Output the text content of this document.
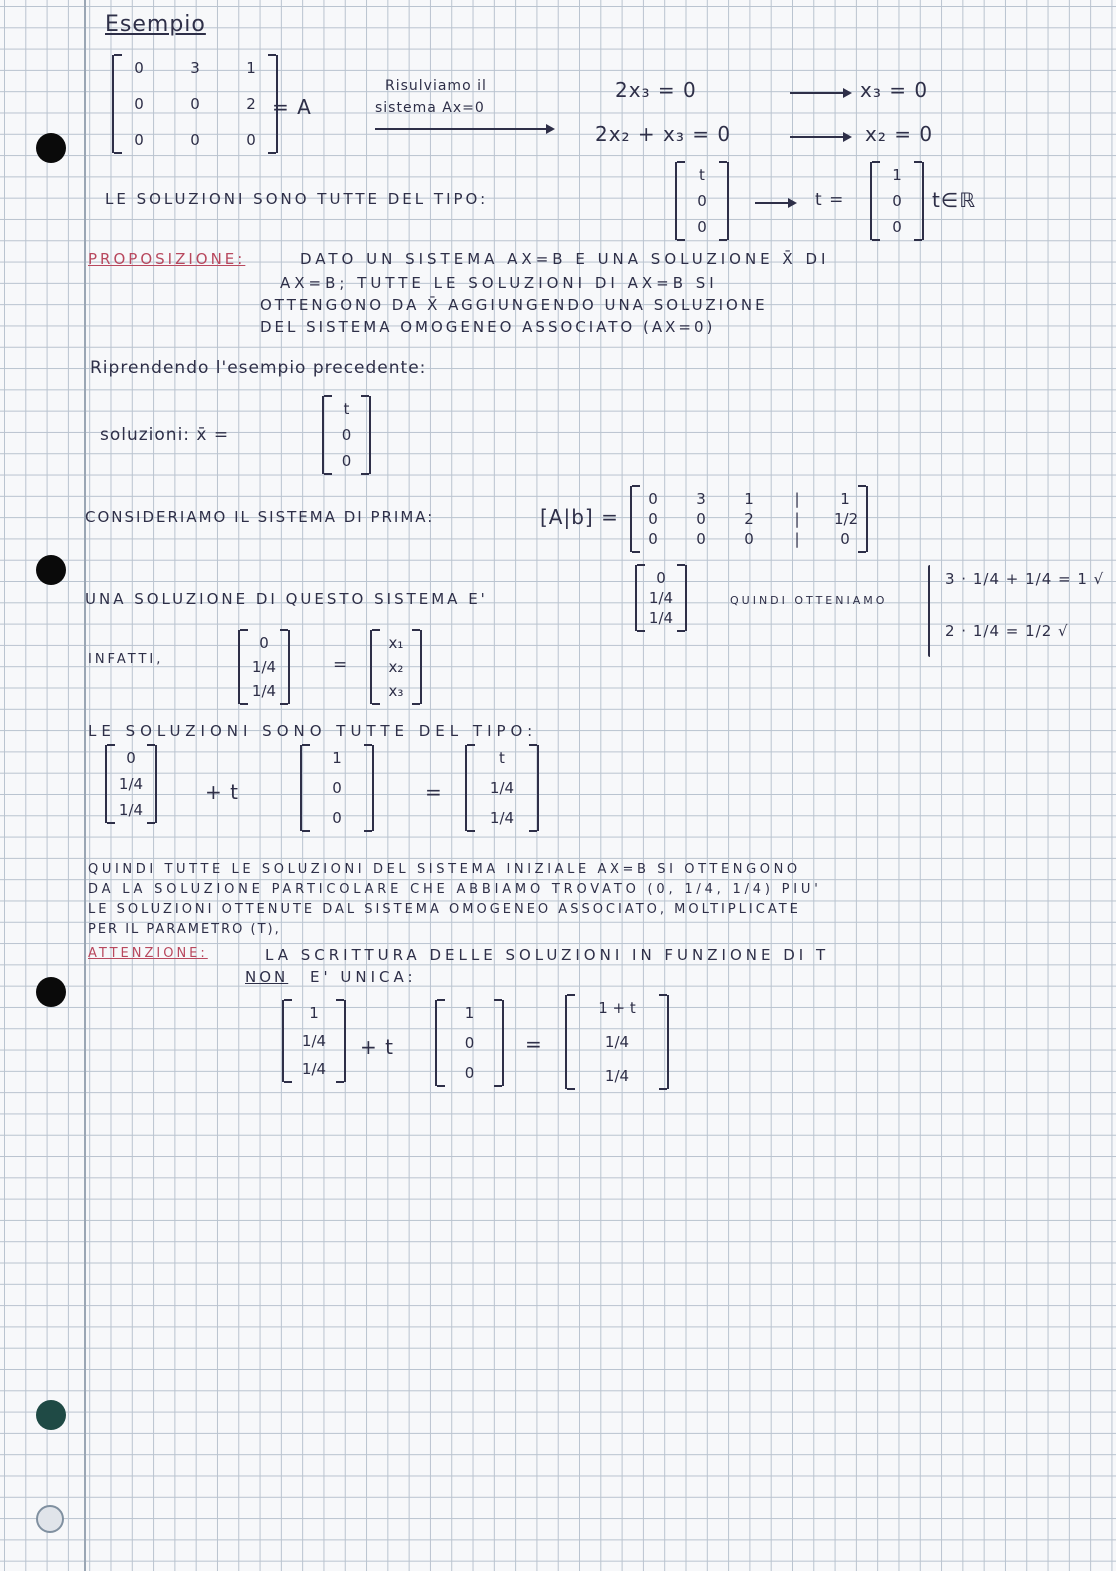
Esempio
0	3	1
0	0	2
0	0	0
= A
Risulviamo il
sistema Ax=0
2x₃ = 0	x₃ = 0
2x₂ + x₃ = 0	x₂ = 0
LE SOLUZIONI SONO TUTTE DEL TIPO:
t
0
0
t =
1
0
0
t∈ℝ
PROPOSIZIONE:	DATO UN SISTEMA AX=B E UNA SOLUZIONE X̄ DI
AX=B; TUTTE LE SOLUZIONI DI AX=B SI
OTTENGONO DA X̄ AGGIUNGENDO UNA SOLUZIONE
DEL SISTEMA OMOGENEO ASSOCIATO (AX=0)
Riprendendo l'esempio precedente:
soluzioni: x̄ =
t
0
0
CONSIDERIAMO IL SISTEMA DI PRIMA:	[A|b] =
0	3	1	|	1
0	0	2	|	1/2
0	0	0	|	0
UNA SOLUZIONE DI QUESTO SISTEMA E'
0
1/4
1/4
QUINDI OTTENIAMO
3 · 1/4 + 1/4 = 1 √
2 · 1/4 = 1/2 √
INFATTI,
0
1/4
1/4
=
x₁
x₂
x₃
LE SOLUZIONI SONO TUTTE DEL TIPO:
0
1/4
1/4
+ t
1
0
0
=
t
1/4
1/4
QUINDI TUTTE LE SOLUZIONI DEL SISTEMA INIZIALE AX=B SI OTTENGONO
DA LA SOLUZIONE PARTICOLARE CHE ABBIAMO TROVATO (0, 1/4, 1/4) PIU'
LE SOLUZIONI OTTENUTE DAL SISTEMA OMOGENEO ASSOCIATO, MOLTIPLICATE
PER IL PARAMETRO (T),
ATTENZIONE:	LA SCRITTURA DELLE SOLUZIONI IN FUNZIONE DI T
NON E' UNICA:
1
1/4
1/4
+ t
1
0
0
=
1 + t
1/4
1/4
